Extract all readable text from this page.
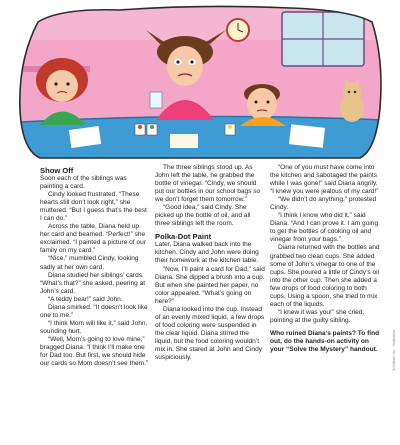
Show Off

Soon each of the siblings was painting a card.

Cindy looked frustrated. “These hearts still don’t look right,” she muttered. “But I guess that’s the best I can do.”

Across the table, Diana held up her card and beamed. “Perfect!” she exclaimed. “I painted a picture of our family on my card.”

“Nice,” mumbled Cindy, looking sadly at her own card.

Diana studied her siblings’ cards. “What’s that?” she asked, peering at John’s card.

“A teddy bear!” said John.

Diana smirked. “It doesn’t look like one to me.”

“I think Mom will like it,” said John, sounding hurt.

“Well, Mom’s going to love mine,” bragged Diana. “I think I’ll make one for Dad too. But first, we should hide our cards so Mom doesn’t see them.”

The three siblings stood up. As John left the table, he grabbed the bottle of vinegar. “Cindy, we should put our bottles in our school bags so we don’t forget them tomorrow.”

“Good idea,” said Cindy. She picked up the bottle of oil, and all three siblings left the room.

Polka-Dot Paint

Later, Diana walked back into the kitchen. Cindy and John were doing their homework at the kitchen table.

“Now, I’ll paint a card for Dad,” said Diana. She dipped a brush into a cup. But when she painted her paper, no color appeared. “What’s going on here?”

Diana looked into the cup. Instead of an evenly mixed liquid, a few drops of food coloring were suspended in the clear liquid. Diana stirred the liquid, but the food coloring wouldn’t mix in. She stared at John and Cindy suspiciously.

“One of you must have come into the kitchen and sabotaged the paints while I was gone!” said Diana angrily. “I knew you were jealous of my card!”

“We didn’t do anything,” protested Cindy.

“I think I know who did it,” said Diana. “And I can prove it. I am going to get the bottles of cooking oil and vinegar from your bags.”

Diana returned with the bottles and grabbed two clean cups. She added some of John’s vinegar to one of the cups. She poured a little of Cindy’s oil into the other cup. Then she added a few drops of food coloring to both cups. Using a spoon, she tried to mix each of the liquids.

“I knew it was you!” she cried, pointing at the guilty sibling.

Who ruined Diana’s paints? To find out, do the hands-on activity on your “Solve the Mystery” handout.	Scholastic Inc. · Illustration
